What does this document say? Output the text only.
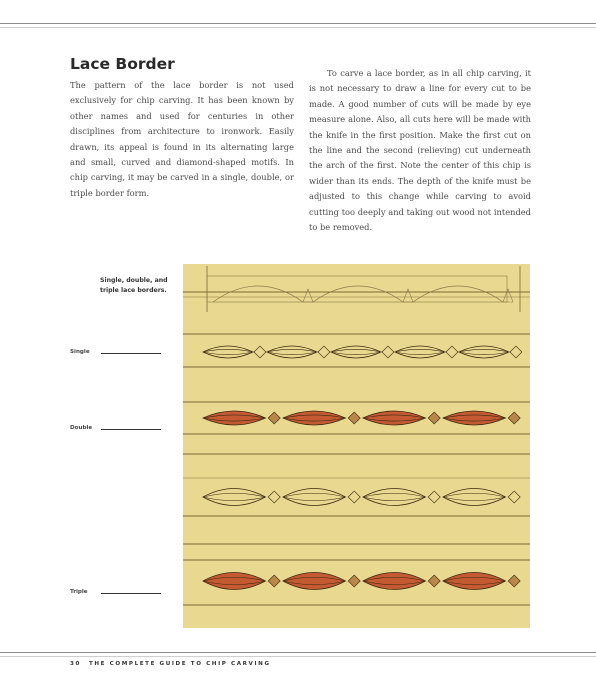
Lace Border

The pattern of the lace border is not used exclusively for chip carving. It has been known by other names and used for centuries in other disciplines from architecture to ironwork. Easily drawn, its appeal is found in its alternating large and small, curved and diamond-shaped motifs. In chip carving, it may be carved in a single, double, or triple border form.

To carve a lace border, as in all chip carving, it is not necessary to draw a line for every cut to be made. A good number of cuts will be made by eye measure alone. Also, all cuts here will be made with the knife in the first position. Make the first cut on the line and the second (relieving) cut underneath the arch of the first. Note the center of this chip is wider than its ends. The depth of the knife must be adjusted to this change while carving to avoid cutting too deeply and taking out wood not intended to be removed.

Single, double, and triple lace borders.
Single
Double
Triple
30 THE COMPLETE GUIDE TO CHIP CARVING
